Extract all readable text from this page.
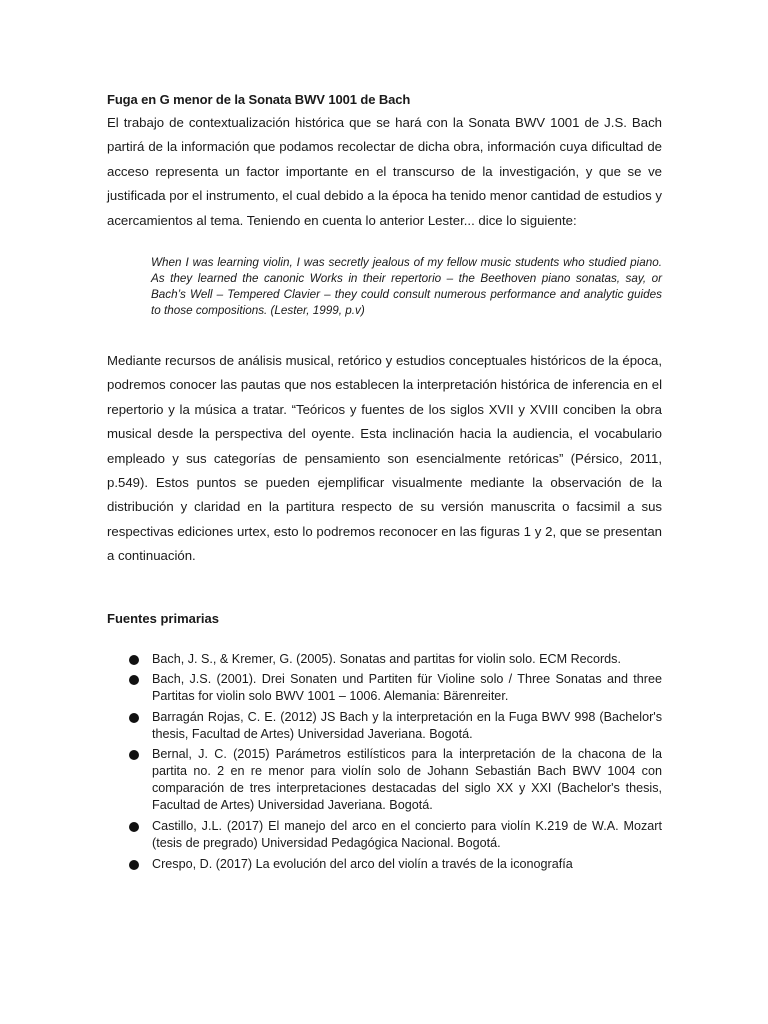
Fuga en G menor de la Sonata BWV 1001 de Bach

El trabajo de contextualización histórica que se hará con la Sonata BWV 1001 de J.S. Bach partirá de la información que podamos recolectar de dicha obra, información cuya dificultad de acceso representa un factor importante en el transcurso de la investigación, y que se ve justificada por el instrumento, el cual debido a la época ha tenido menor cantidad de estudios y acercamientos al tema. Teniendo en cuenta lo anterior Lester... dice lo siguiente:

When I was learning violin, I was secretly jealous of my fellow music students who studied piano. As they learned the canonic Works in their repertorio – the Beethoven piano sonatas, say, or Bach’s Well – Tempered Clavier – they could consult numerous performance and analytic guides to those compositions. (Lester, 1999, p.v)

Mediante recursos de análisis musical, retórico y estudios conceptuales históricos de la época, podremos conocer las pautas que nos establecen la interpretación histórica de inferencia en el repertorio y la música a tratar. “Teóricos y fuentes de los siglos XVII y XVIII conciben la obra musical desde la perspectiva del oyente. Esta inclinación hacia la audiencia, el vocabulario empleado y sus categorías de pensamiento son esencialmente retóricas” (Pérsico, 2011, p.549). Estos puntos se pueden ejemplificar visualmente mediante la observación de la distribución y claridad en la partitura respecto de su versión manuscrita o facsimil a sus respectivas ediciones urtex, esto lo podremos reconocer en las figuras 1 y 2, que se presentan a continuación.

Fuentes primarias
Bach, J. S., & Kremer, G. (2005). Sonatas and partitas for violin solo. ECM Records.
Bach, J.S. (2001). Drei Sonaten und Partiten für Violine solo / Three Sonatas and three Partitas for violin solo BWV 1001 – 1006. Alemania: Bärenreiter.
Barragán Rojas, C. E. (2012) JS Bach y la interpretación en la Fuga BWV 998 (Bachelor's thesis, Facultad de Artes) Universidad Javeriana. Bogotá.
Bernal, J. C. (2015) Parámetros estilísticos para la interpretación de la chacona de la partita no. 2 en re menor para violín solo de Johann Sebastián Bach BWV 1004 con comparación de tres interpretaciones destacadas del siglo XX y XXI (Bachelor's thesis, Facultad de Artes) Universidad Javeriana. Bogotá.
Castillo, J.L. (2017) El manejo del arco en el concierto para violín K.219 de W.A. Mozart (tesis de pregrado) Universidad Pedagógica Nacional. Bogotá.
Crespo, D. (2017) La evolución del arco del violín a través de la iconografía
